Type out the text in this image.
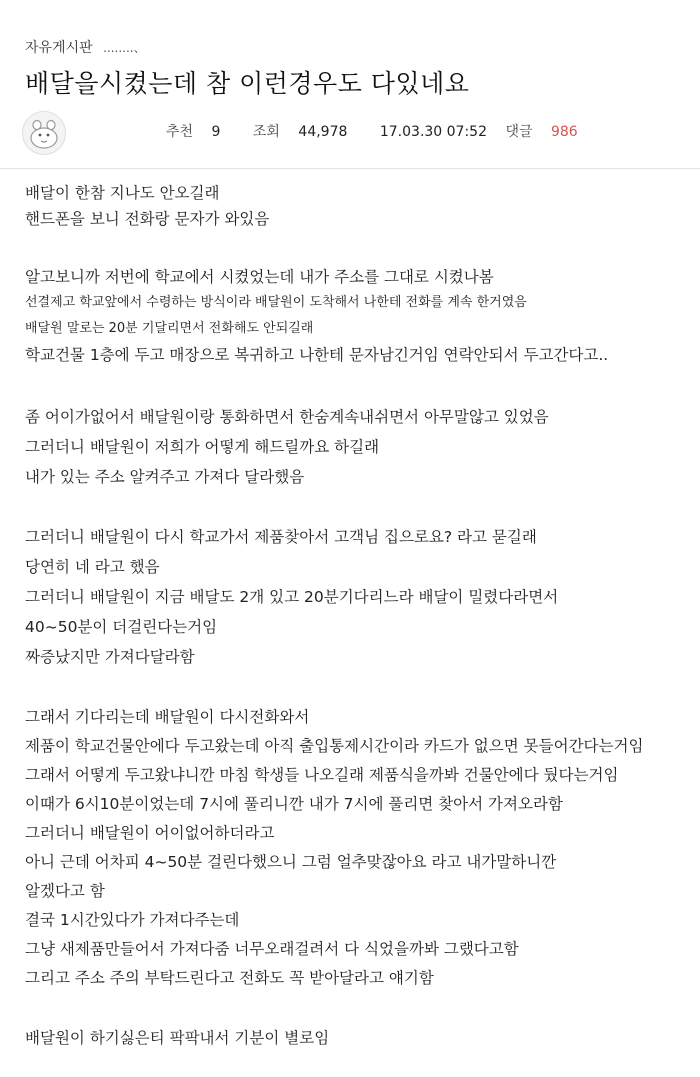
자유게시판 ........、
배달을시켰는데 참 이런경우도 다있네요
추천 9 조회 44,978 17.03.30 07:52 댓글 986
배달이 한참 지나도 안오길래
핸드폰을 보니 전화랑 문자가 와있음
알고보니까 저번에 학교에서 시켰었는데 내가 주소를 그대로 시켰나봄
선결제고 학교앞에서 수령하는 방식이라 배달원이 도착해서 나한테 전화를 계속 한거였음
배달원 말로는 20분 기달리면서 전화해도 안되길래
학교건물 1층에 두고 매장으로 복귀하고 나한테 문자남긴거임 연락안되서 두고간다고..
좀 어이가없어서 배달원이랑 통화하면서 한숨계속내쉬면서 아무말않고 있었음
그러더니 배달원이 저희가 어떻게 해드릴까요 하길래
내가 있는 주소 알켜주고 가져다 달라했음
그러더니 배달원이 다시 학교가서 제품찾아서 고객님 집으로요? 라고 묻길래
당연히 네 라고 했음
그러더니 배달원이 지금 배달도 2개 있고 20분기다리느라 배달이 밀렸다라면서
40~50분이 더걸린다는거임
짜증났지만 가져다달라함
그래서 기다리는데 배달원이 다시전화와서
제품이 학교건물안에다 두고왔는데 아직 출입통제시간이라 카드가 없으면 못들어간다는거임
그래서 어떻게 두고왔냐니깐 마침 학생들 나오길래 제품식을까봐 건물안에다 뒀다는거임
이때가 6시10분이었는데 7시에 풀리니깐 내가 7시에 풀리면 찾아서 가져오라함
그러더니 배달원이 어이없어하더라고
아니 근데 어차피 4~50분 걸린다했으니 그럼 얼추맞잖아요 라고 내가말하니깐
알겠다고 함
결국 1시간있다가 가져다주는데
그냥 새제품만들어서 가져다줌 너무오래걸려서 다 식었을까봐 그랬다고함
그리고 주소 주의 부탁드린다고 전화도 꼭 받아달라고 얘기함
배달원이 하기싫은티 팍팍내서 기분이 별로임
